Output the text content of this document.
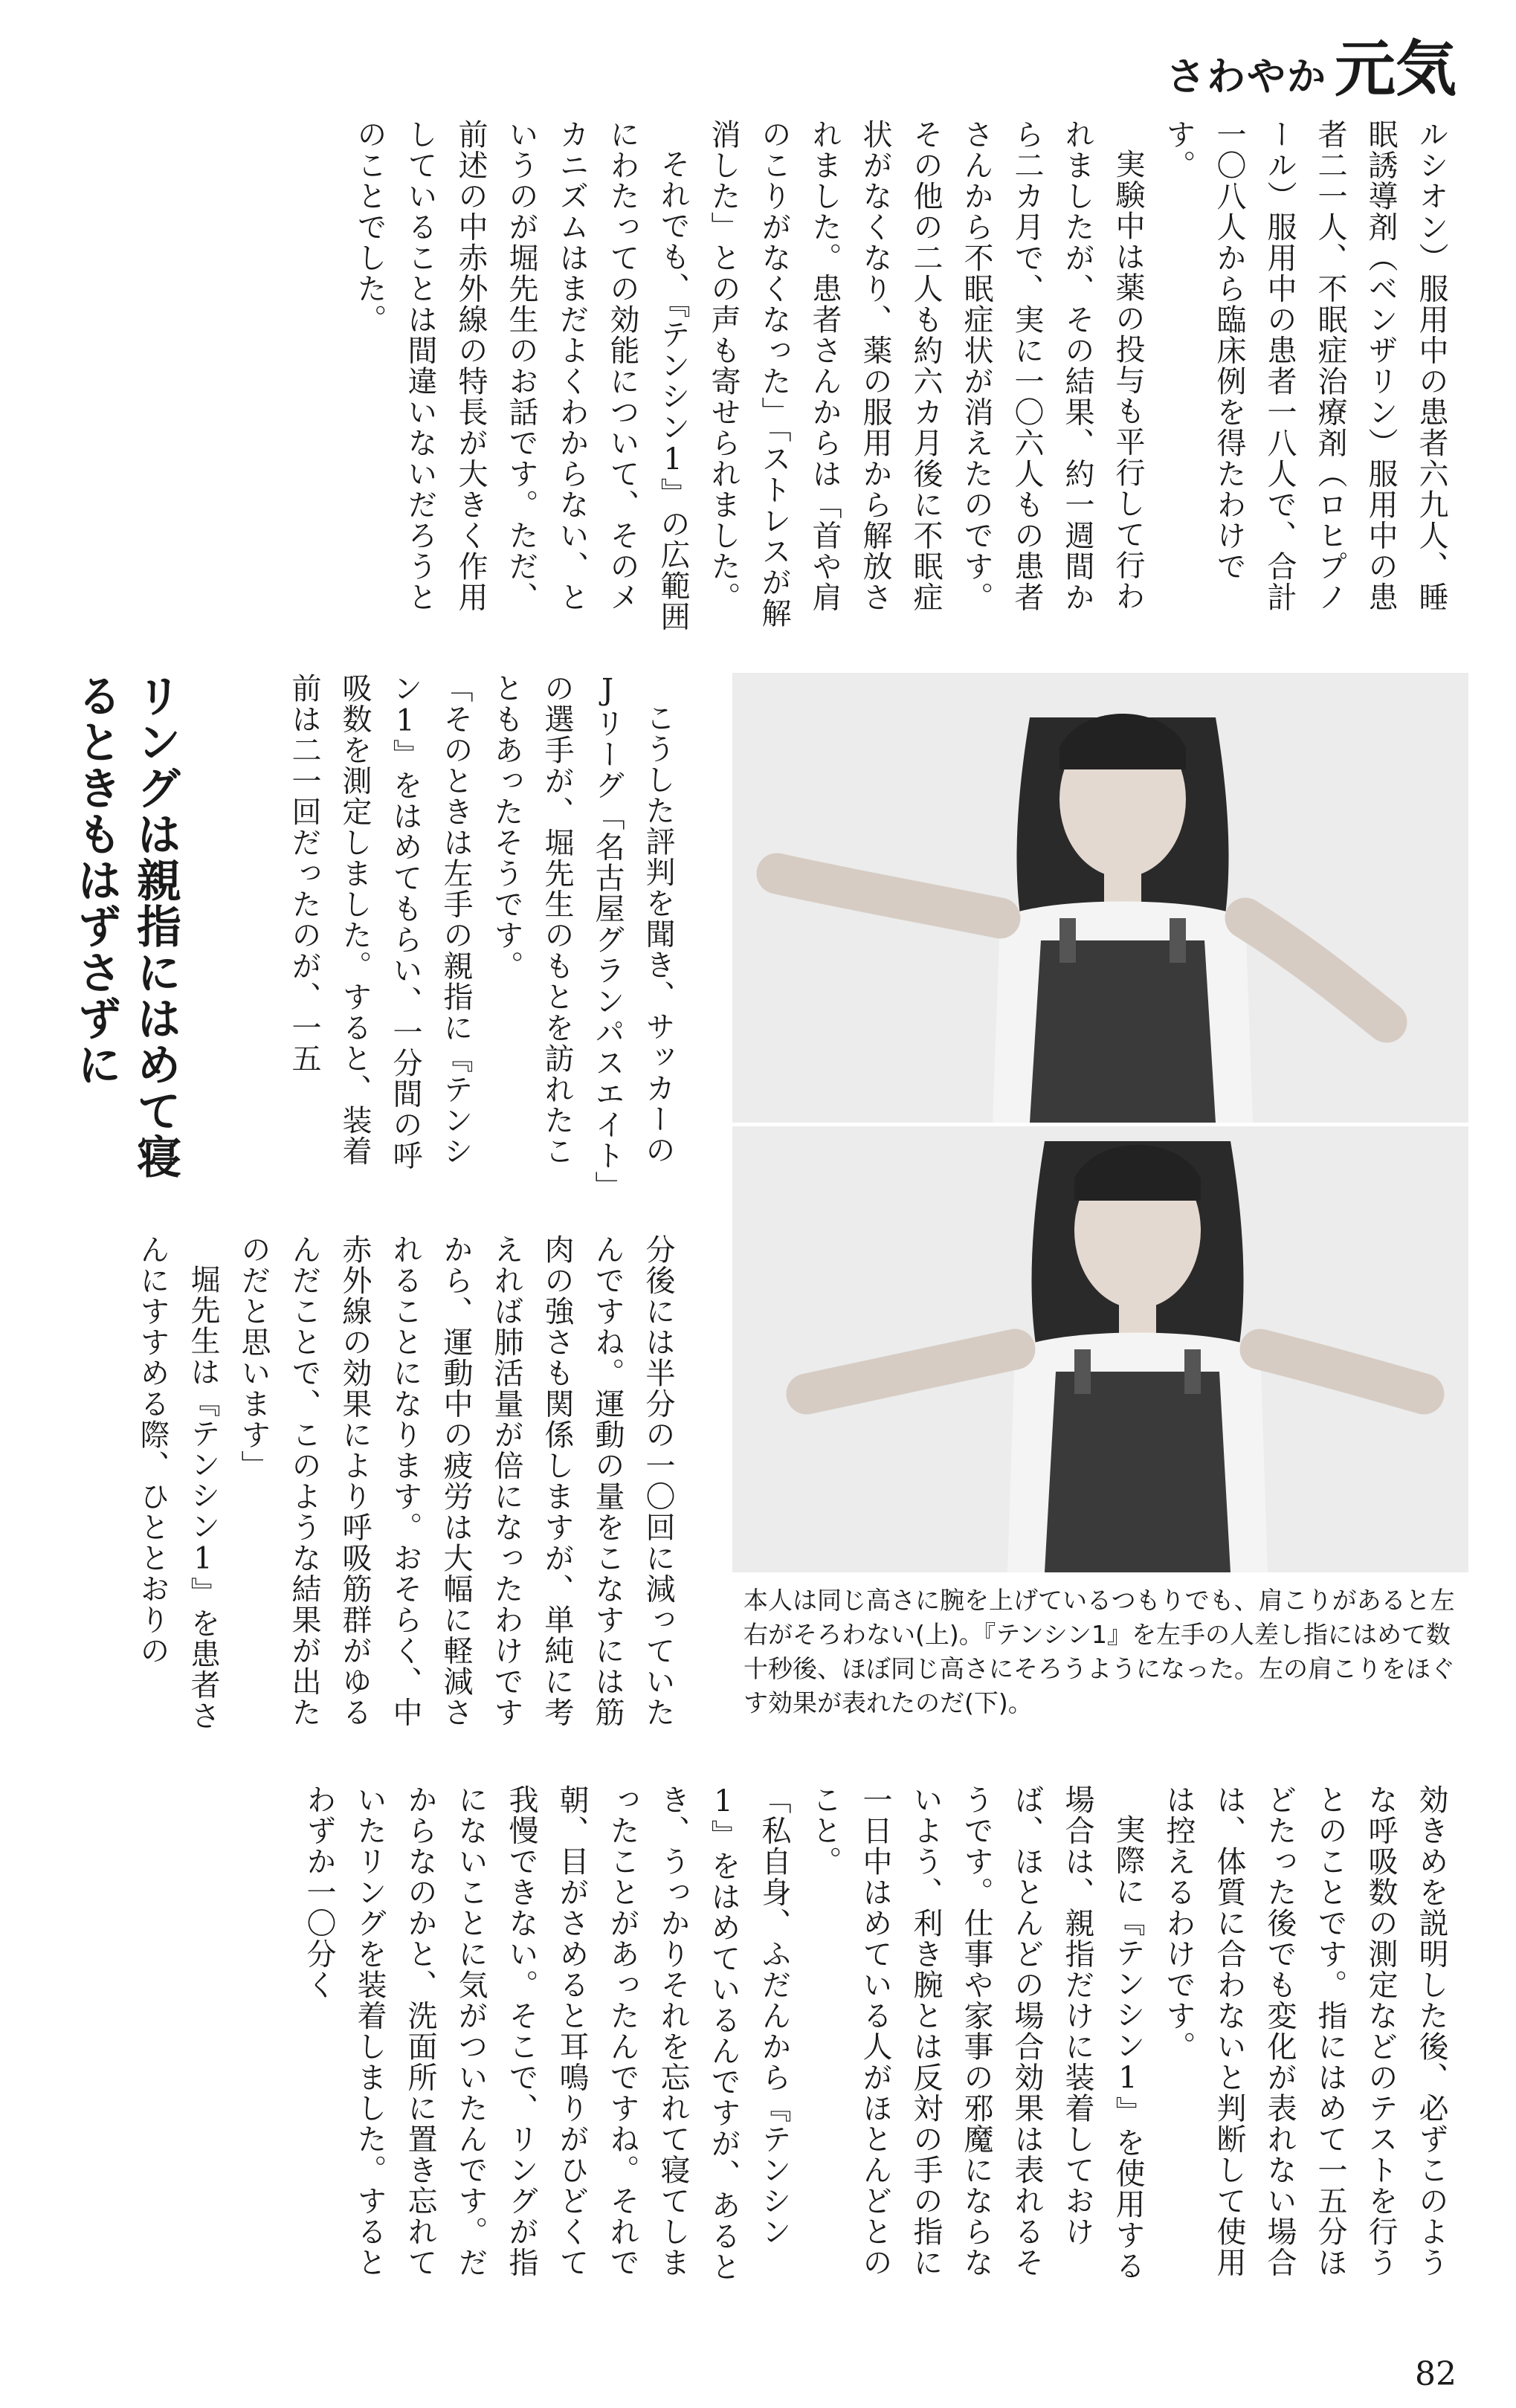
さわやか 元気

ルシオン）服用中の患者六九人、睡眠誘導剤（ベンザリン）服用中の患者二一人、不眠症治療剤（ロヒプノール）服用中の患者一八人で、合計一〇八人から臨床例を得たわけです。

実験中は薬の投与も平行して行われましたが、その結果、約一週間から二カ月で、実に一〇六人もの患者さんから不眠症状が消えたのです。その他の二人も約六カ月後に不眠症状がなくなり、薬の服用から解放されました。患者さんからは「首や肩のこりがなくなった」「ストレスが解消した」との声も寄せられました。

それでも、『テンシン1』の広範囲にわたっての効能について、そのメカニズムはまだよくわからない、というのが堀先生のお話です。ただ、前述の中赤外線の特長が大きく作用していることは間違いないだろうとのことでした。

リングは親指にはめて寝るときもはずさずに	こうした評判を聞き、サッカーのJリーグ「名古屋グランパスエイト」の選手が、堀先生のもとを訪れたこともあったそうです。

「そのときは左手の親指に『テンシン1』をはめてもらい、一分間の呼吸数を測定しました。すると、装着前は二一回だったのが、一五

分後には半分の一〇回に減っていたんですね。運動の量をこなすには筋肉の強さも関係しますが、単純に考えれば肺活量が倍になったわけですから、運動中の疲労は大幅に軽減されることになります。おそらく、中赤外線の効果により呼吸筋群がゆるんだことで、このような結果が出たのだと思います」

堀先生は『テンシン1』を患者さんにすすめる際、ひととおりの	本人は同じ高さに腕を上げているつもりでも、肩こりがあると左右がそろわない(上)。『テンシン1』を左手の人差し指にはめて数十秒後、ほぼ同じ高さにそろうようになった。左の肩こりをほぐす効果が表れたのだ(下)。

効きめを説明した後、必ずこのような呼吸数の測定などのテストを行うとのことです。指にはめて一五分ほどたった後でも変化が表れない場合は、体質に合わないと判断して使用は控えるわけです。

実際に『テンシン1』を使用する場合は、親指だけに装着しておけば、ほとんどの場合効果は表れるそうです。仕事や家事の邪魔にならないよう、利き腕とは反対の手の指に一日中はめている人がほとんどとのこと。

「私自身、ふだんから『テンシン1』をはめているんですが、あるとき、うっかりそれを忘れて寝てしまったことがあったんですね。それで朝、目がさめると耳鳴りがひどくて我慢できない。そこで、リングが指にないことに気がついたんです。だからなのかと、洗面所に置き忘れていたリングを装着しました。するとわずか一〇分く

82
